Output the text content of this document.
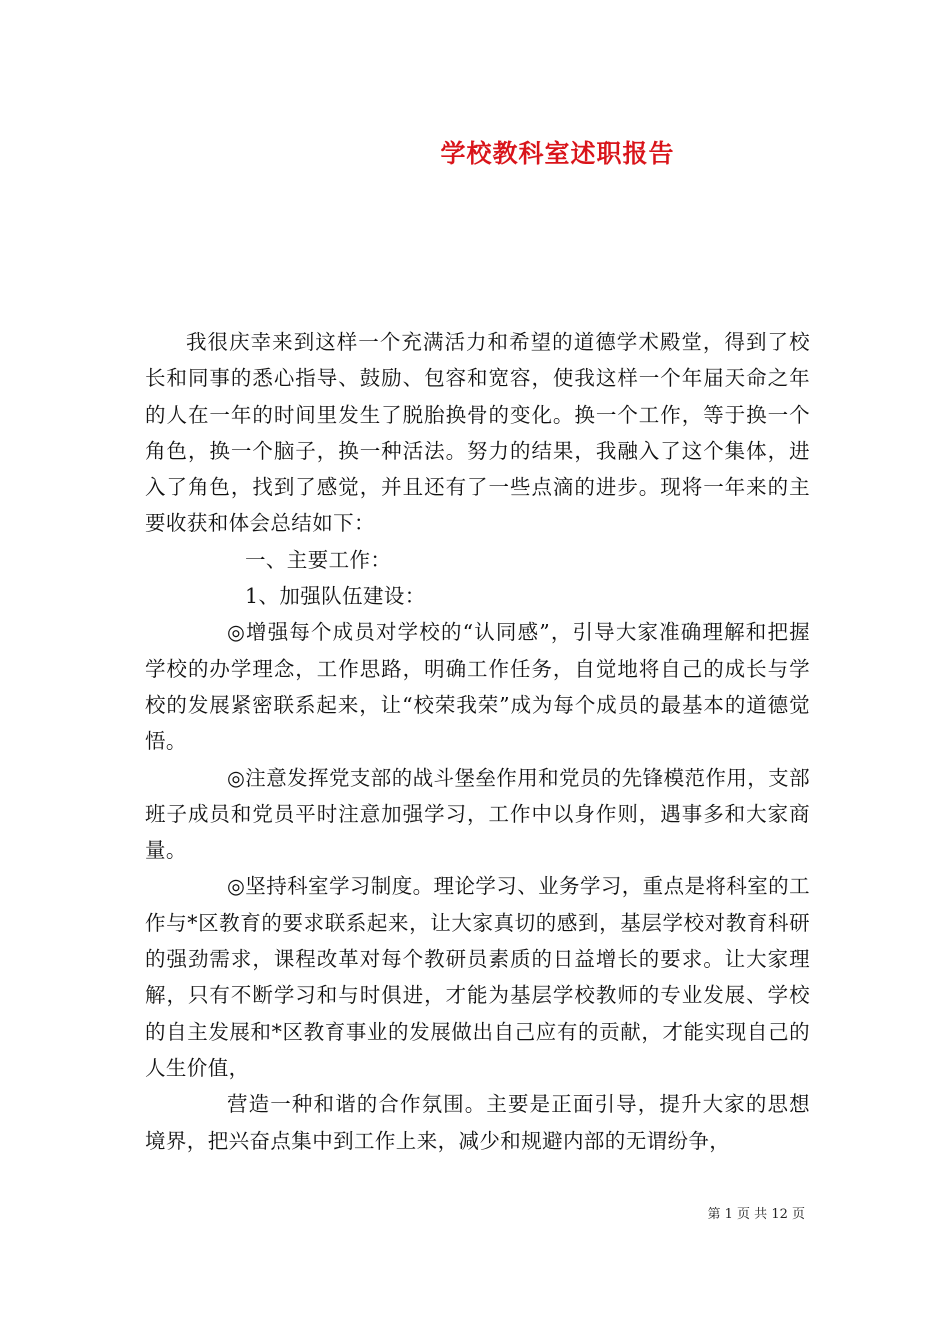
学校教科室述职报告

我很庆幸来到这样一个充满活力和希望的道德学术殿堂，得到了校长和同事的悉心指导、鼓励、包容和宽容，使我这样一个年届天命之年的人在一年的时间里发生了脱胎换骨的变化。换一个工作，等于换一个角色，换一个脑子，换一种活法。努力的结果，我融入了这个集体，进入了角色，找到了感觉，并且还有了一些点滴的进步。现将一年来的主要收获和体会总结如下：

一、主要工作：

1、加强队伍建设：

◎增强每个成员对学校的“认同感”，引导大家准确理解和把握学校的办学理念，工作思路，明确工作任务，自觉地将自己的成长与学校的发展紧密联系起来，让“校荣我荣”成为每个成员的最基本的道德觉悟。

◎注意发挥党支部的战斗堡垒作用和党员的先锋模范作用，支部班子成员和党员平时注意加强学习，工作中以身作则，遇事多和大家商量。

◎坚持科室学习制度。理论学习、业务学习，重点是将科室的工作与*区教育的要求联系起来，让大家真切的感到，基层学校对教育科研的强劲需求，课程改革对每个教研员素质的日益增长的要求。让大家理解，只有不断学习和与时俱进，才能为基层学校教师的专业发展、学校的自主发展和*区教育事业的发展做出自己应有的贡献，才能实现自己的人生价值，

营造一种和谐的合作氛围。主要是正面引导，提升大家的思想境界，把兴奋点集中到工作上来，减少和规避内部的无谓纷争，

第 1 页 共 12 页
